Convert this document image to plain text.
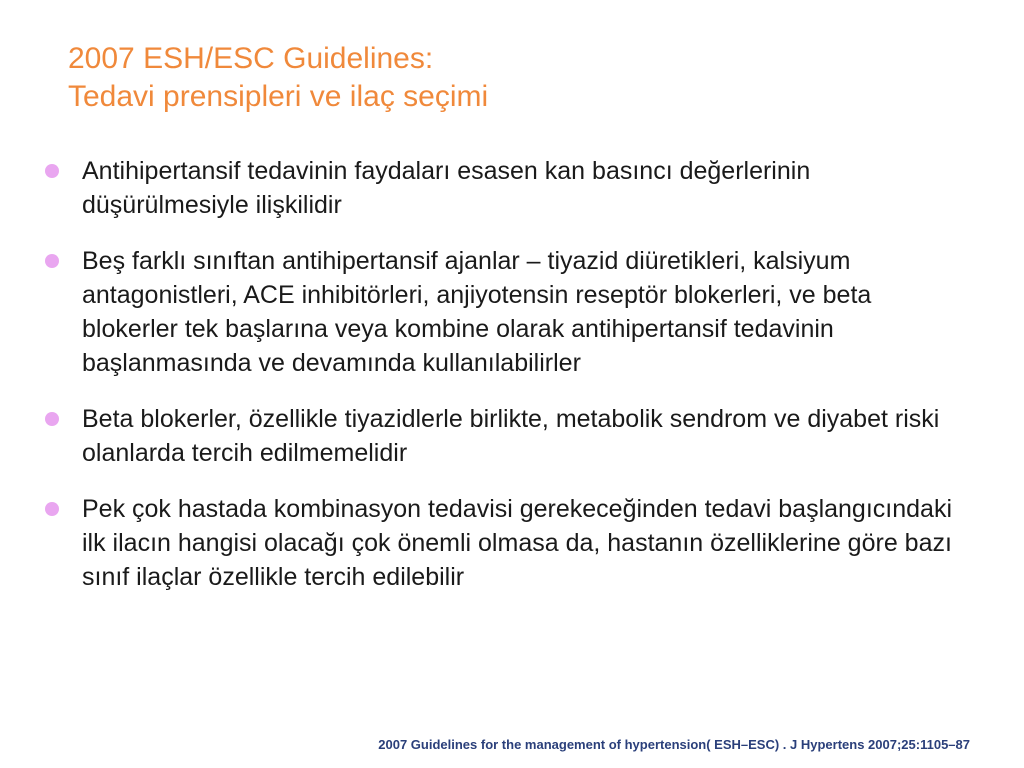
2007 ESH/ESC Guidelines:
Tedavi prensipleri ve ilaç seçimi
Antihipertansif tedavinin faydaları esasen kan basıncı değerlerinin düşürülmesiyle ilişkilidir
Beş farklı sınıftan antihipertansif ajanlar – tiyazid diüretikleri, kalsiyum antagonistleri, ACE inhibitörleri, anjiyotensin reseptör blokerleri, ve beta blokerler tek başlarına veya kombine olarak antihipertansif tedavinin başlanmasında ve devamında kullanılabilirler
Beta blokerler, özellikle tiyazidlerle birlikte, metabolik sendrom ve diyabet riski olanlarda tercih edilmemelidir
Pek çok hastada kombinasyon tedavisi gerekeceğinden tedavi başlangıcındaki ilk ilacın hangisi olacağı çok önemli olmasa da, hastanın özelliklerine göre bazı sınıf ilaçlar özellikle tercih edilebilir
2007 Guidelines for the management of hypertension( ESH–ESC) . J Hypertens 2007;25:1105–87
